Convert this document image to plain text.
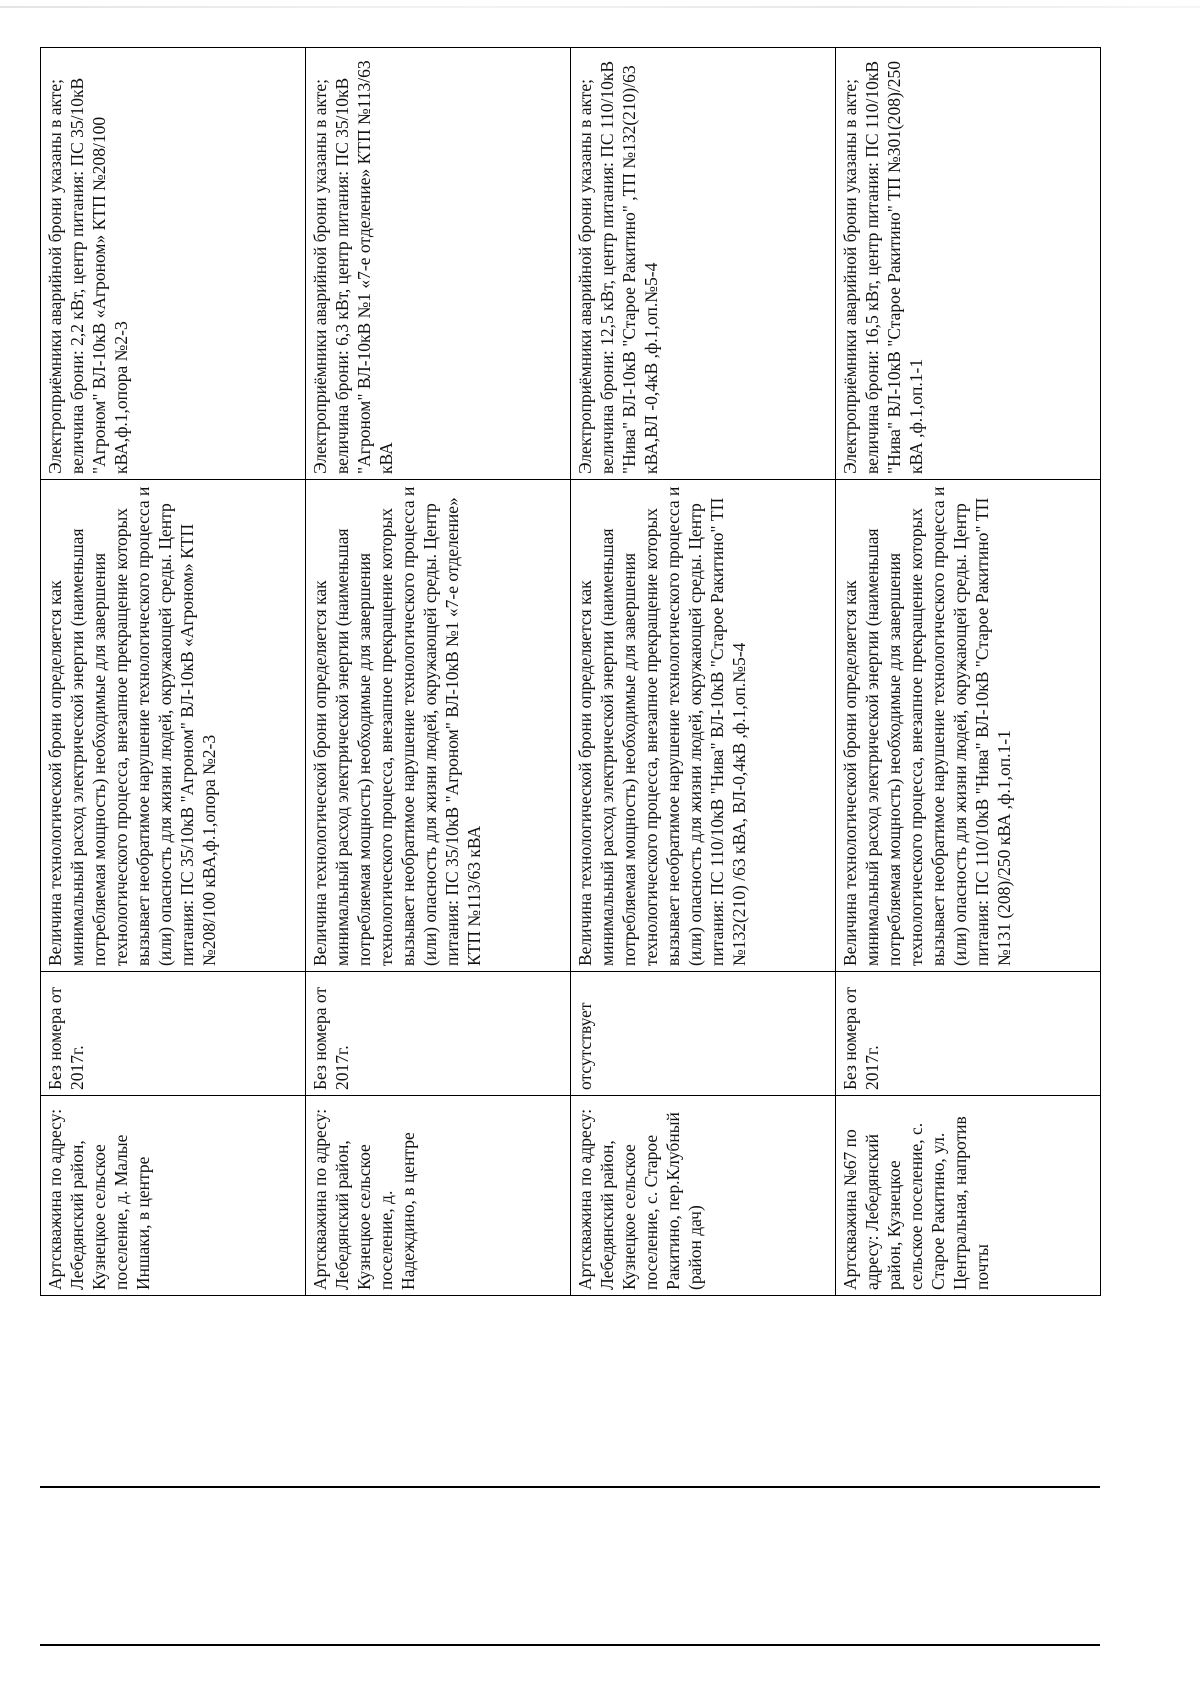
Артскважина по адресу: Лебедянский район, Кузнецкое сельское поселение, д. Малые Иншаки, в центре	Без номера от 2017г.	Величина технологической брони определяется как минимальный расход электрической энергии (наименьшая потребляемая мощность) необходимые для завершения технологического процесса, внезапное прекращение которых вызывает необратимое нарушение технологического процесса и (или) опасность для жизни людей, окружающей среды. Центр питания: ПС 35/10кВ "Агроном" ВЛ-10кВ «Агроном» КТП №208/100 кВА,ф.1,опора №2-3	Электроприёмники аварийной брони указаны в акте; величина брони: 2,2 кВт, центр питания: ПС 35/10кВ "Агроном" ВЛ-10кВ «Агроном» КТП №208/100 кВА,ф.1,опора №2-3
Артскважина по адресу: Лебедянский район, Кузнецкое сельское поселение, д. Надеждино, в центре	Без номера от 2017г.	Величина технологической брони определяется как минимальный расход электрической энергии (наименьшая потребляемая мощность) необходимые для завершения технологического процесса, внезапное прекращение которых вызывает необратимое нарушение технологического процесса и (или) опасность для жизни людей, окружающей среды. Центр питания: ПС 35/10кВ "Агроном" ВЛ-10кВ №1 «7-е отделение» КТП №113/63 кВА	Электроприёмники аварийной брони указаны в акте; величина брони: 6,3 кВт, центр питания: ПС 35/10кВ "Агроном" ВЛ-10кВ №1 «7-е отделение» КТП №113/63 кВА
Артскважина по адресу: Лебедянский район, Кузнецкое сельское поселение, с. Старое Ракитино, пер.Клубный (район дач)	отсутствует	Величина технологической брони определяется как минимальный расход электрической энергии (наименьшая потребляемая мощность) необходимые для завершения технологического процесса, внезапное прекращение которых вызывает необратимое нарушение технологического процесса и (или) опасность для жизни людей, окружающей среды. Центр питания: ПС 110/10кВ "Нива" ВЛ-10кВ "Старое Ракитино" ТП №132(210) /63 кВА, ВЛ-0,4кВ ,ф.1,оп.№5-4	Электроприёмники аварийной брони указаны в акте; величина брони: 12,5 кВт, центр питания: ПС 110/10кВ "Нива" ВЛ-10кВ "Старое Ракитино" ,ТП №132(210)/63 кВА,ВЛ -0,4кВ ,ф.1,оп.№5-4
Артскважина №67 по адресу: Лебедянский район, Кузнецкое сельское поселение, с. Старое Ракитино, ул. Центральная, напротив почты	Без номера от 2017г.	Величина технологической брони определяется как минимальный расход электрической энергии (наименьшая потребляемая мощность) необходимые для завершения технологического процесса, внезапное прекращение которых вызывает необратимое нарушение технологического процесса и (или) опасность для жизни людей, окружающей среды. Центр питания: ПС 110/10кВ "Нива" ВЛ-10кВ "Старое Ракитино" ТП №131 (208)/250 кВА ,ф.1,оп.1-1	Электроприёмники аварийной брони указаны в акте; величина брони: 16,5 кВт, центр питания: ПС 110/10кВ "Нива" ВЛ-10кВ "Старое Ракитино" ТП №301(208)/250 кВА ,ф.1,оп.1-1
